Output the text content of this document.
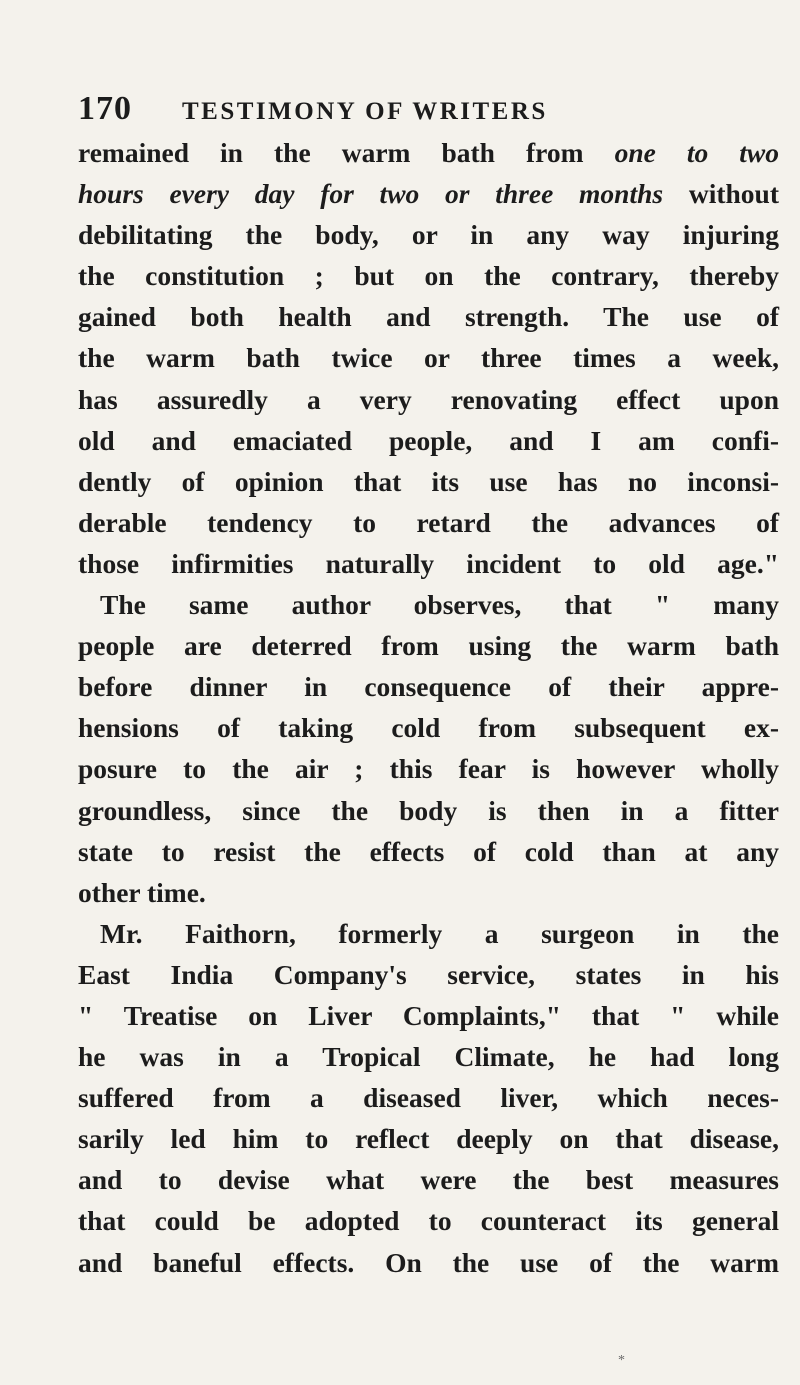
170 TESTIMONY OF WRITERS
remained in the warm bath from one to two
hours every day for two or three months without
debilitating the body, or in any way injuring
the constitution ; but on the contrary, thereby
gained both health and strength. The use of
the warm bath twice or three times a week,
has assuredly a very renovating effect upon
old and emaciated people, and I am confi-
dently of opinion that its use has no inconsi-
derable tendency to retard the advances of
those infirmities naturally incident to old age."
The same author observes, that " many
people are deterred from using the warm bath
before dinner in consequence of their appre-
hensions of taking cold from subsequent ex-
posure to the air ; this fear is however wholly
groundless, since the body is then in a fitter
state to resist the effects of cold than at any
other time.
Mr. Faithorn, formerly a surgeon in the
East India Company's service, states in his
" Treatise on Liver Complaints," that " while
he was in a Tropical Climate, he had long
suffered from a diseased liver, which neces-
sarily led him to reflect deeply on that disease,
and to devise what were the best measures
that could be adopted to counteract its general
and baneful effects. On the use of the warm
*
